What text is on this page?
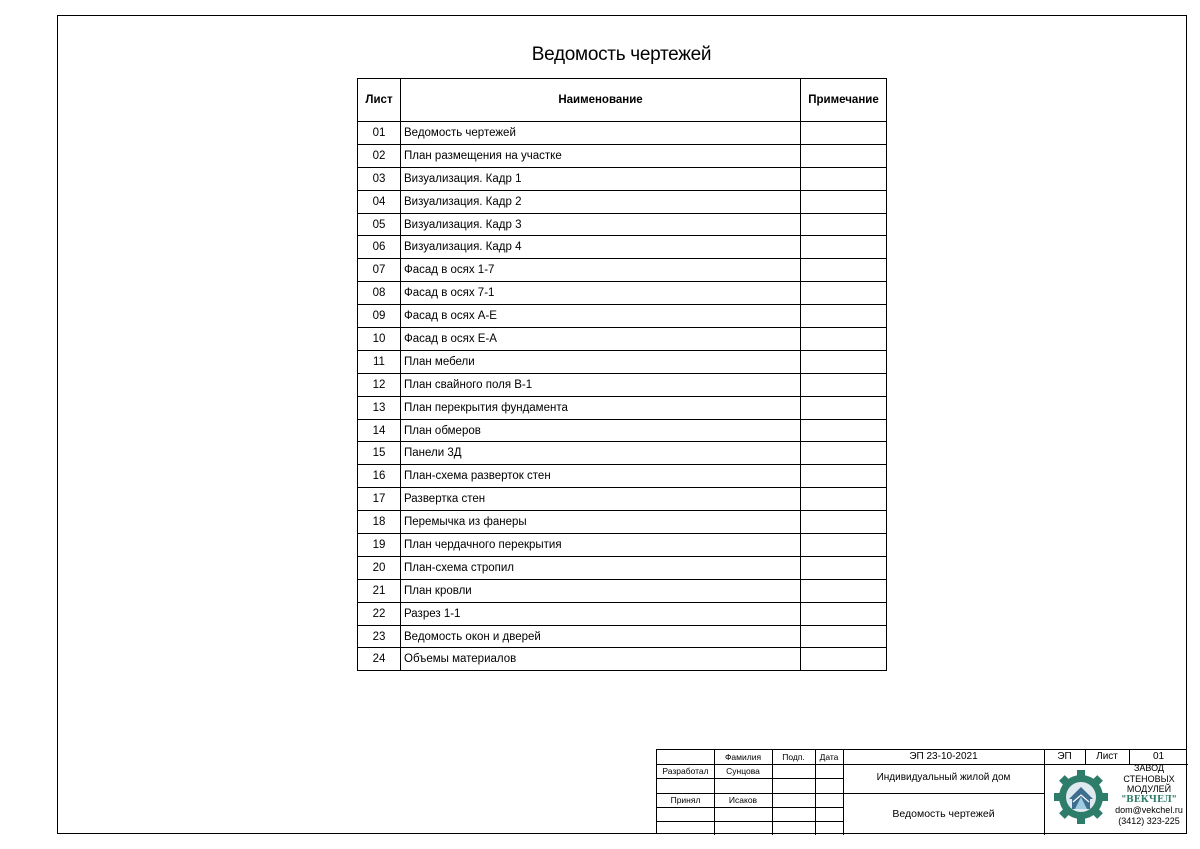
Ведомость чертежей
Лист	Наименование	Примечание
01	Ведомость чертежей	
02	План размещения на участке	
03	Визуализация. Кадр 1	
04	Визуализация. Кадр 2	
05	Визуализация. Кадр 3	
06	Визуализация. Кадр 4	
07	Фасад в осях 1-7	
08	Фасад в осях 7-1	
09	Фасад в осях А-Е	
10	Фасад в осях Е-А	
11	План мебели	
12	План свайного поля В-1	
13	План перекрытия фундамента	
14	План обмеров	
15	Панели 3Д	
16	План-схема разверток стен	
17	Развертка стен	
18	Перемычка из фанеры	
19	План чердачного перекрытия	
20	План-схема стропил	
21	План кровли	
22	Разрез 1-1	
23	Ведомость окон и дверей	
24	Объемы материалов	
Фамилия	Подп.	Дата
Разработал	Сунцова
Принял	Исаков
ЭП 23-10-2021	ЭП	Лист	01
Индивидуальный жилой дом
Ведомость чертежей
ЗАВОД
СТЕНОВЫХ
МОДУЛЕЙ
"ВЕКЧЕЛ"
dom@vekchel.ru
(3412) 323-225
